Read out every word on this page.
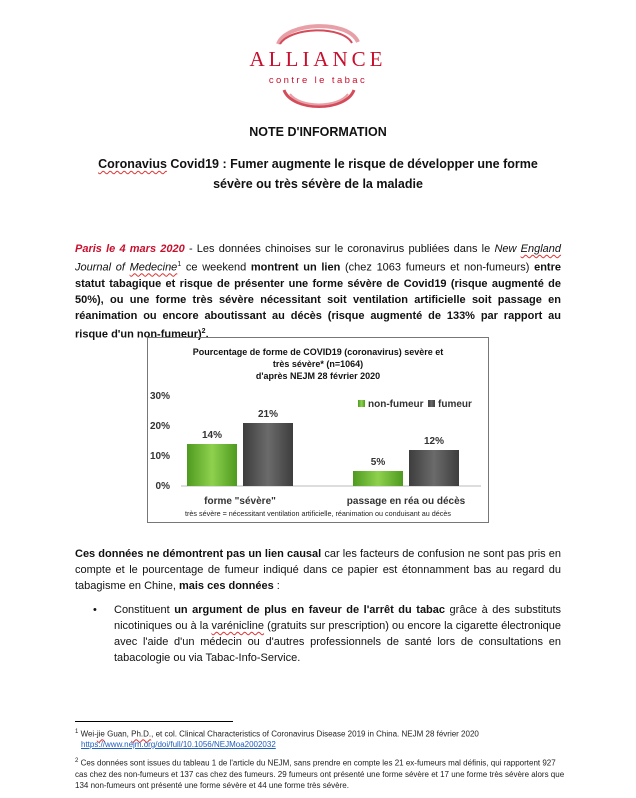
ALLIANCE
contre le tabac
NOTE D'INFORMATION
Coronavius Covid19 : Fumer augmente le risque de développer une forme
sévère ou très sévère de la maladie
Paris le 4 mars 2020 - Les données chinoises sur le coronavirus publiées dans le New England Journal of Medecine$^1$ ce weekend montrent un lien (chez 1063 fumeurs et non-fumeurs) entre statut tabagique et risque de présenter une forme sévère de Covid19 (risque augmenté de 50%), ou une forme très sévère nécessitant soit ventilation artificielle soit passage en réanimation ou encore aboutissant au décès (risque augmenté de 133% par rapport au risque d'un non-fumeur)$^2$.
Pourcentage de forme de COVID19 (coronavirus) sevère et
très sévère* (n=1064)
d'après NEJM 28 février 2020
0%
10%
20%
30%
14%
5%
21%
12%
forme "sévère"	passage en réa ou décès
très sévère = nécessitant ventilation artificielle, réanimation ou conduisant au décès
non-fumeur fumeur
Ces données ne démontrent pas un lien causal car les facteurs de confusion ne sont pas pris en compte et le pourcentage de fumeur indiqué dans ce papier est étonnamment bas au regard du tabagisme en Chine, mais ces données :
• Constituent un argument de plus en faveur de l'arrêt du tabac grâce à des substituts nicotiniques ou à la varénicline (gratuits sur prescription) ou encore la cigarette électronique avec l'aide d'un médecin ou d'autres professionnels de santé lors de consultations en tabacologie ou via Tabac-Info-Service.
$^1$ Wei-jie Guan, Ph.D., et col. Clinical Characteristics of Coronavirus Disease 2019 in China. NEJM 28 février 2020
https://www.nejm.org/doi/full/10.1056/NEJMoa2002032
$^2$ Ces données sont issues du tableau 1 de l'article du NEJM, sans prendre en compte les 21 ex-fumeurs mal définis, qui rapportent 927 cas chez des non-fumeurs et 137 cas chez des fumeurs. 29 fumeurs ont présenté une forme sévère et 17 une forme très sévère alors que 134 non-fumeurs ont présenté une forme sévère et 44 une forme très sévère.
